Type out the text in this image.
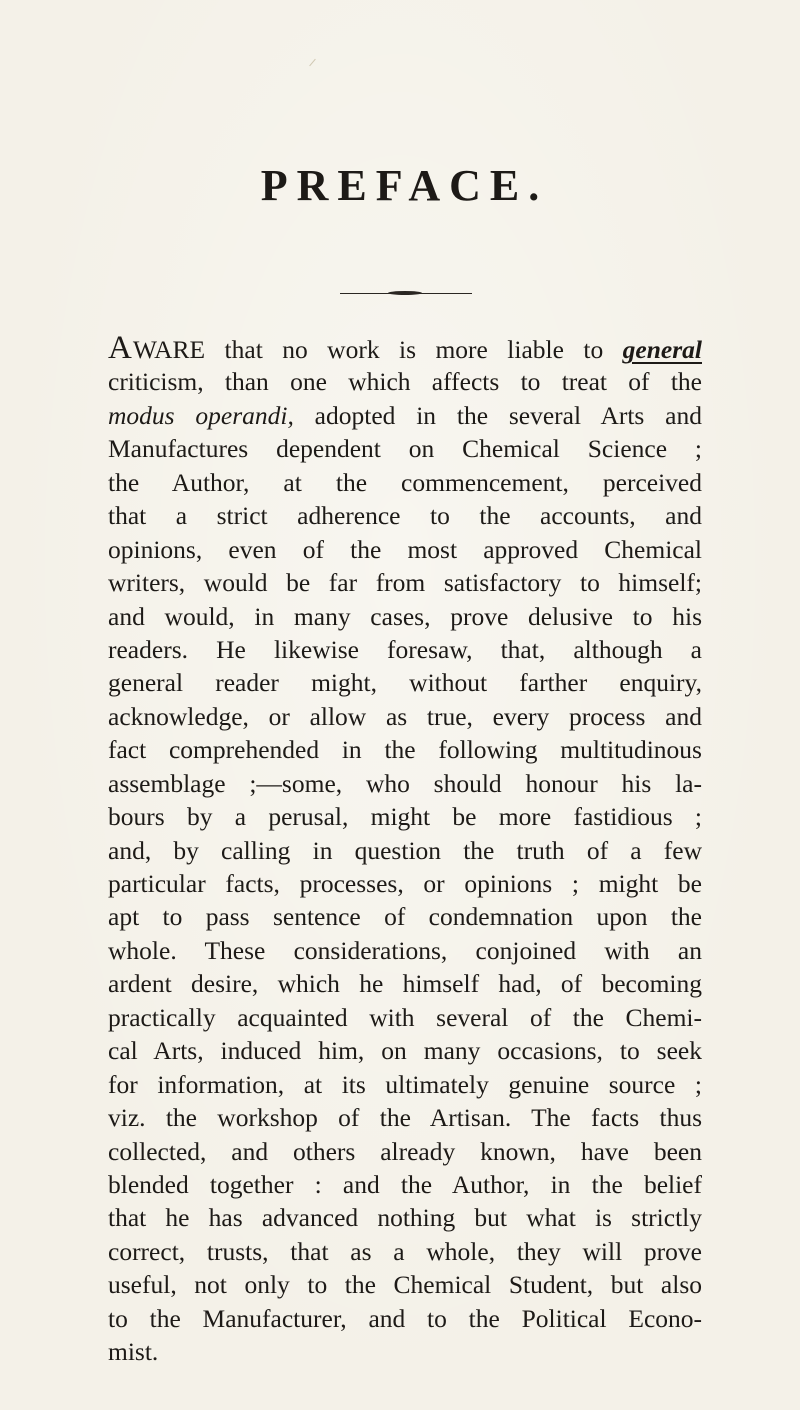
PREFACE.

AWARE that no work is more liable to general
criticism, than one which affects to treat of the
modus operandi, adopted in the several Arts and
Manufactures dependent on Chemical Science ;
the Author, at the commencement, perceived
that a strict adherence to the accounts, and
opinions, even of the most approved Chemical
writers, would be far from satisfactory to himself;
and would, in many cases, prove delusive to his
readers. He likewise foresaw, that, although a
general reader might, without farther enquiry,
acknowledge, or allow as true, every process and
fact comprehended in the following multitudinous
assemblage ;—some, who should honour his la-
bours by a perusal, might be more fastidious ;
and, by calling in question the truth of a few
particular facts, processes, or opinions ; might be
apt to pass sentence of condemnation upon the
whole. These considerations, conjoined with an
ardent desire, which he himself had, of becoming
practically acquainted with several of the Chemi-
cal Arts, induced him, on many occasions, to seek
for information, at its ultimately genuine source ;
viz. the workshop of the Artisan. The facts thus
collected, and others already known, have been
blended together : and the Author, in the belief
that he has advanced nothing but what is strictly
correct, trusts, that as a whole, they will prove
useful, not only to the Chemical Student, but also
to the Manufacturer, and to the Political Econo-
mist.
